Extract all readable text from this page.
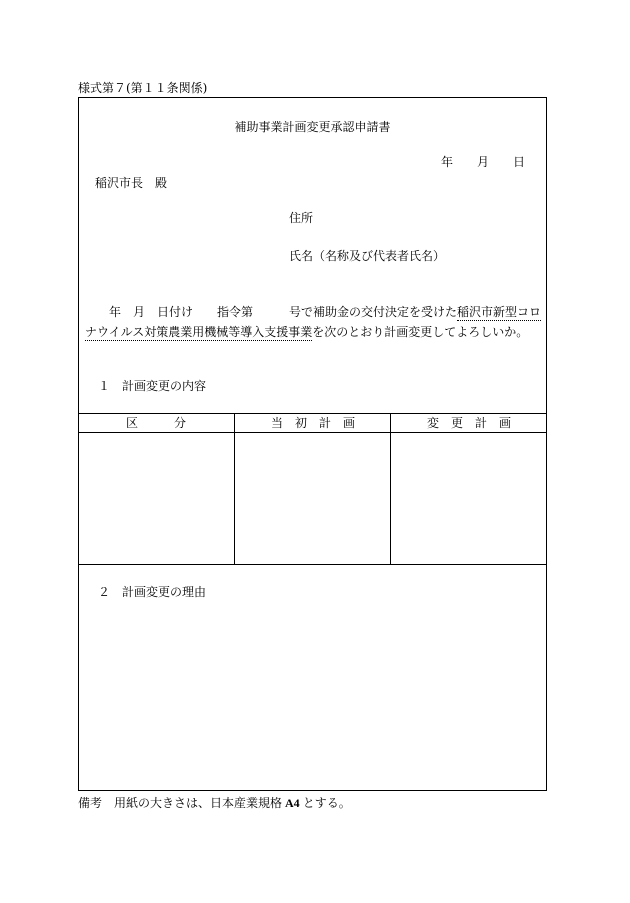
様式第７(第１１条関係)
補助事業計画変更承認申請書
年　　月　　日
稲沢市長　殿
住所
氏名（名称及び代表者氏名）
　　年　月　日付け　　指令第　　　号で補助金の交付決定を受けた稲沢市新型コロ
ナウイルス対策農業用機械等導入支援事業を次のとおり計画変更してよろしいか。
１　計画変更の内容
区　　　分	当　初　計　画	変　更　計　画
２　計画変更の理由
備考　用紙の大きさは、日本産業規格 A4 とする。
